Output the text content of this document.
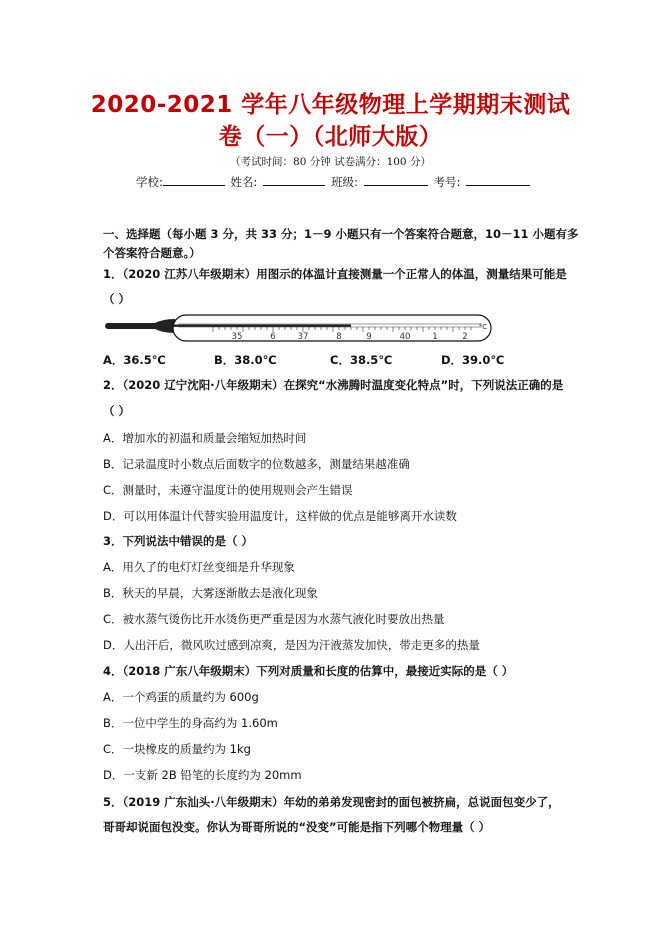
2020-2021 学年八年级物理上学期期末测试
卷（一）（北师大版）
（考试时间：80 分钟 试卷满分：100 分）
学校:	姓名:	班级:	考号:
一、选择题（每小题 3 分，共 33 分；1－9 小题只有一个答案符合题意，10－11 小题有多
个答案符合题意。）
1．（2020 江苏八年级期末）用图示的体温计直接测量一个正常人的体温，测量结果可能是
（ ）
35	6	37	8	9	40	1	2
°C
A．36.5℃	B．38.0℃	C．38.5℃	D．39.0℃
2．（2020 辽宁沈阳·八年级期末）在探究“水沸腾时温度变化特点”时，下列说法正确的是
（ ）
A．增加水的初温和质量会缩短加热时间
B．记录温度时小数点后面数字的位数越多，测量结果越准确
C．测量时，未遵守温度计的使用规则会产生错误
D．可以用体温计代替实验用温度计，这样做的优点是能够离开水读数
3．下列说法中错误的是（ ）
A．用久了的电灯灯丝变细是升华现象
B．秋天的早晨，大雾逐渐散去是液化现象
C．被水蒸气烫伤比开水烫伤更严重是因为水蒸气液化时要放出热量
D．人出汗后，微风吹过感到凉爽，是因为汗液蒸发加快，带走更多的热量
4．（2018 广东八年级期末）下列对质量和长度的估算中，最接近实际的是（ ）
A．一个鸡蛋的质量约为 600g
B．一位中学生的身高约为 1.60m
C．一块橡皮的质量约为 1kg
D．一支新 2B 铅笔的长度约为 20mm
5．（2019 广东汕头·八年级期末）年幼的弟弟发现密封的面包被挤扁，总说面包变少了，
哥哥却说面包没变。你认为哥哥所说的“没变”可能是指下列哪个物理量（ ）
